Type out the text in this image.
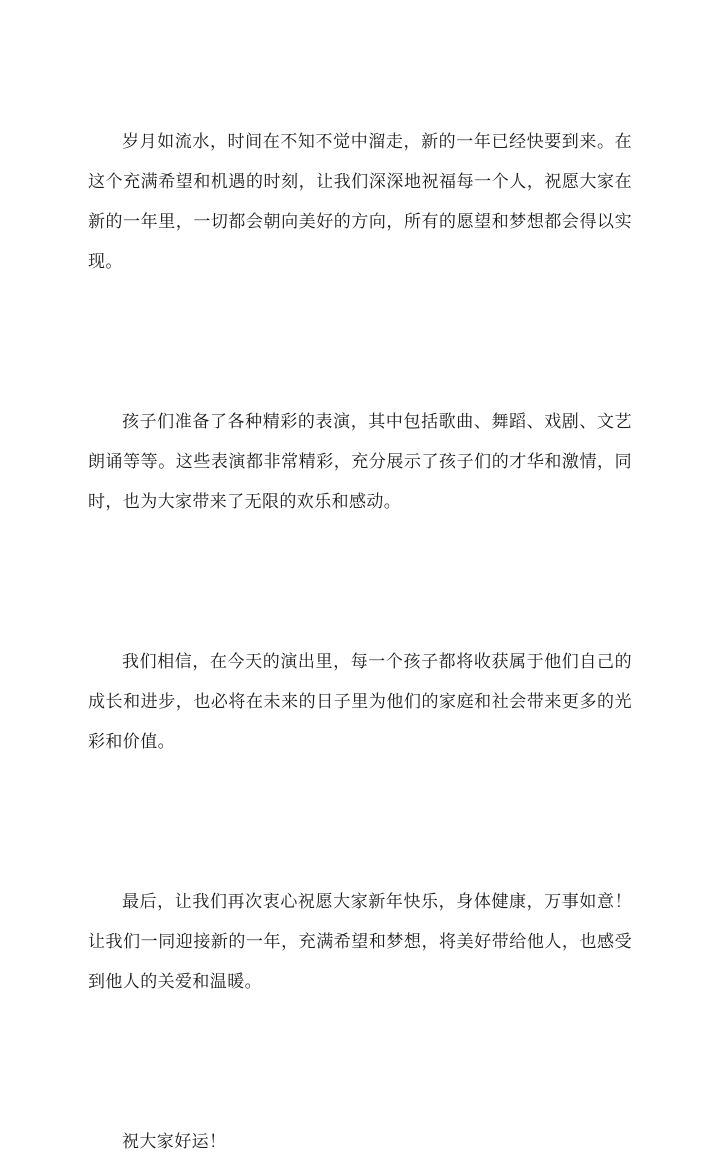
岁月如流水，时间在不知不觉中溜走，新的一年已经快要到来。在这个充满希望和机遇的时刻，让我们深深地祝福每一个人，祝愿大家在新的一年里，一切都会朝向美好的方向，所有的愿望和梦想都会得以实现。

孩子们准备了各种精彩的表演，其中包括歌曲、舞蹈、戏剧、文艺朗诵等等。这些表演都非常精彩，充分展示了孩子们的才华和激情，同时，也为大家带来了无限的欢乐和感动。

我们相信，在今天的演出里，每一个孩子都将收获属于他们自己的成长和进步，也必将在未来的日子里为他们的家庭和社会带来更多的光彩和价值。

最后，让我们再次衷心祝愿大家新年快乐，身体健康，万事如意！让我们一同迎接新的一年，充满希望和梦想，将美好带给他人，也感受到他人的关爱和温暖。

祝大家好运！
